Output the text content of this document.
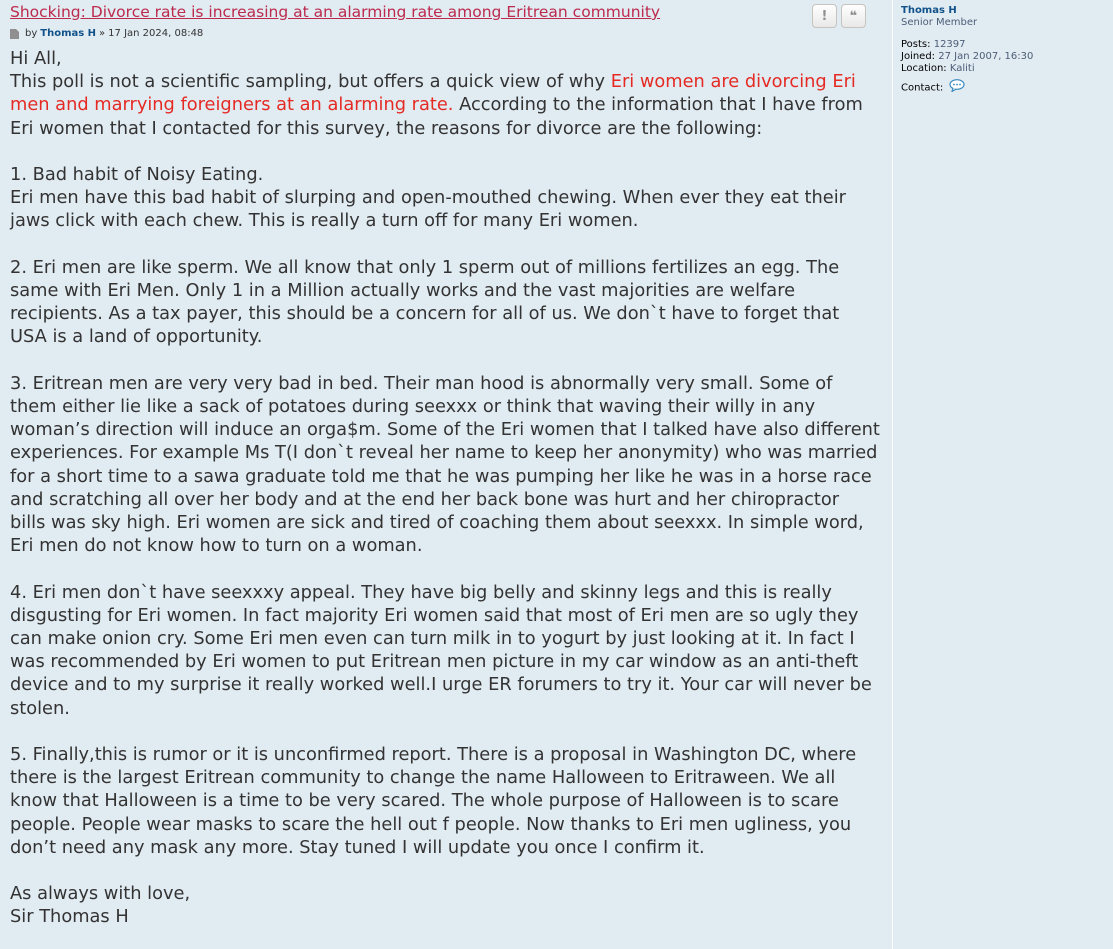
Shocking: Divorce rate is increasing at an alarming rate among Eritrean community
by Thomas H » 17 Jan 2024, 08:48

Hi All,

This poll is not a scientific sampling, but offers a quick view of why Eri women are divorcing Eri men and marrying foreigners at an alarming rate. According to the information that I have from Eri women that I contacted for this survey, the reasons for divorce are the following:

1. Bad habit of Noisy Eating.

Eri men have this bad habit of slurping and open-mouthed chewing. When ever they eat their jaws click with each chew. This is really a turn off for many Eri women.

2. Eri men are like sperm. We all know that only 1 sperm out of millions fertilizes an egg. The same with Eri Men. Only 1 in a Million actually works and the vast majorities are welfare recipients. As a tax payer, this should be a concern for all of us. We don`t have to forget that USA is a land of opportunity.

3. Eritrean men are very very bad in bed. Their man hood is abnormally very small. Some of them either lie like a sack of potatoes during seexxx or think that waving their willy in any woman’s direction will induce an orga$m. Some of the Eri women that I talked have also different experiences. For example Ms T(I don`t reveal her name to keep her anonymity) who was married for a short time to a sawa graduate told me that he was pumping her like he was in a horse race and scratching all over her body and at the end her back bone was hurt and her chiropractor bills was sky high. Eri women are sick and tired of coaching them about seexxx. In simple word, Eri men do not know how to turn on a woman.

4. Eri men don`t have seexxxy appeal. They have big belly and skinny legs and this is really disgusting for Eri women. In fact majority Eri women said that most of Eri men are so ugly they can make onion cry. Some Eri men even can turn milk in to yogurt by just looking at it. In fact I was recommended by Eri women to put Eritrean men picture in my car window as an anti-theft device and to my surprise it really worked well.I urge ER forumers to try it. Your car will never be stolen.

5. Finally,this is rumor or it is unconfirmed report. There is a proposal in Washington DC, where there is the largest Eritrean community to change the name Halloween to Eritraween. We all know that Halloween is a time to be very scared. The whole purpose of Halloween is to scare people. People wear masks to scare the hell out f people. Now thanks to Eri men ugliness, you don’t need any mask any more. Stay tuned I will update you once I confirm it.

As always with love,

Sir Thomas H

! ❝	Thomas H
Senior Member
Posts: 12397
Joined: 27 Jan 2007, 16:30
Location: Kaliti
Contact:
